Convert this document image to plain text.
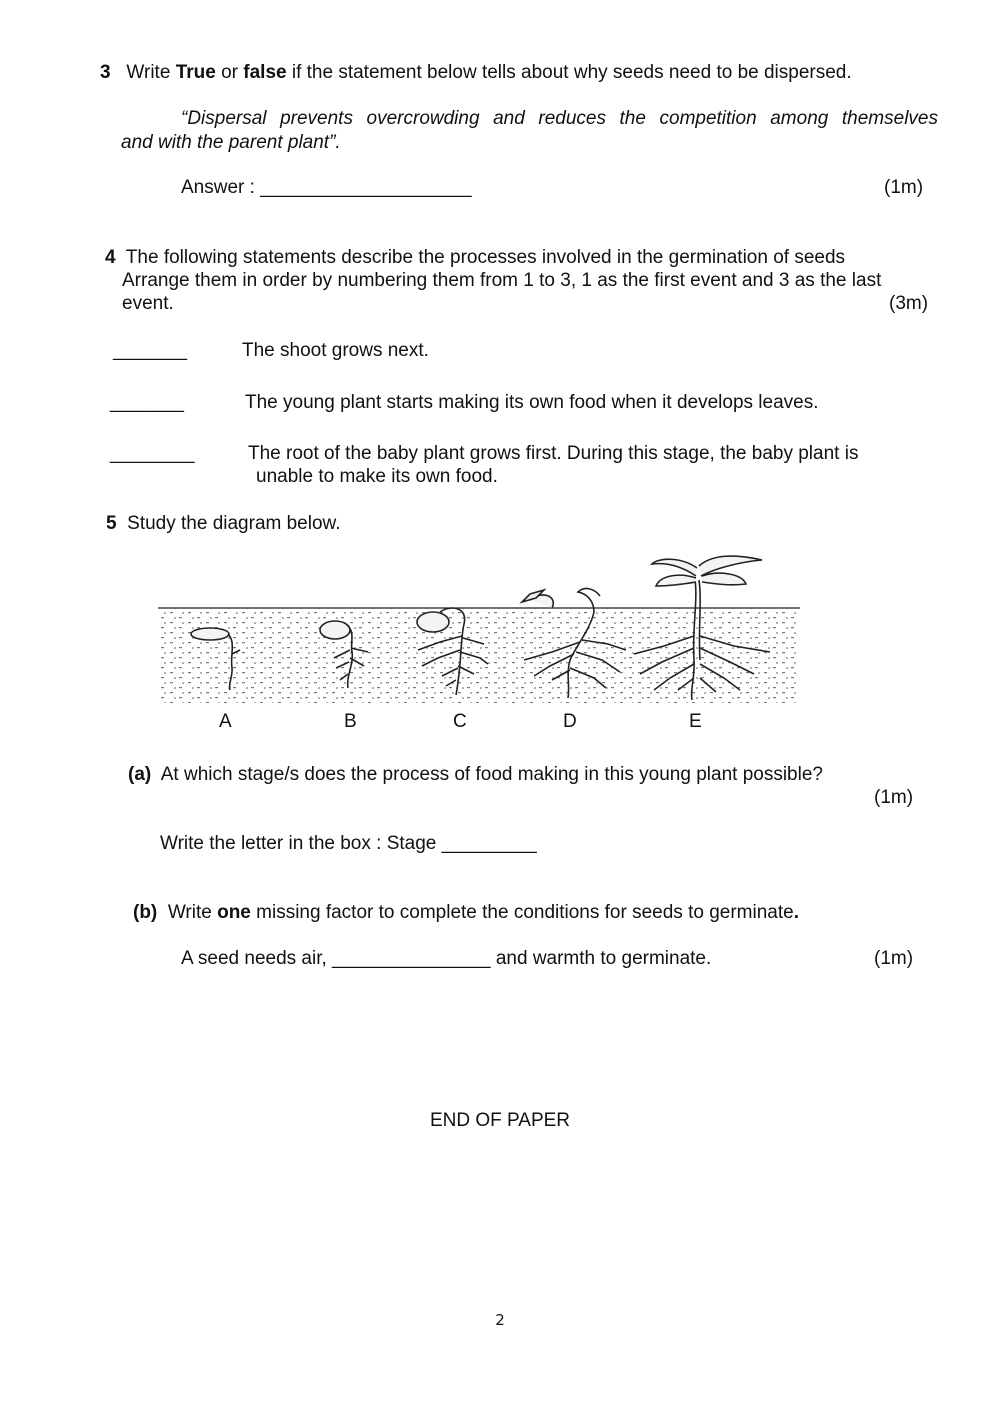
3 Write True or false if the statement below tells about why seeds need to be dispersed.
“Dispersal prevents overcrowding and reduces the competition among themselves
and with the parent plant”.
Answer : ____________________	(1m)
4 The following statements describe the processes involved in the germination of seeds
Arrange them in order by numbering them from 1 to 3, 1 as the first event and 3 as the last
event.	(3m)
_______	The shoot grows next.
_______	The young plant starts making its own food when it develops leaves.
________	The root of the baby plant grows first. During this stage, the baby plant is
unable to make its own food.
5 Study the diagram below.
A	B	C	D	E
(a) At which stage/s does the process of food making in this young plant possible?
(1m)
Write the letter in the box : Stage _________
(b) Write one missing factor to complete the conditions for seeds to germinate.
A seed needs air, _______________ and warmth to germinate.	(1m)
END OF PAPER
2
